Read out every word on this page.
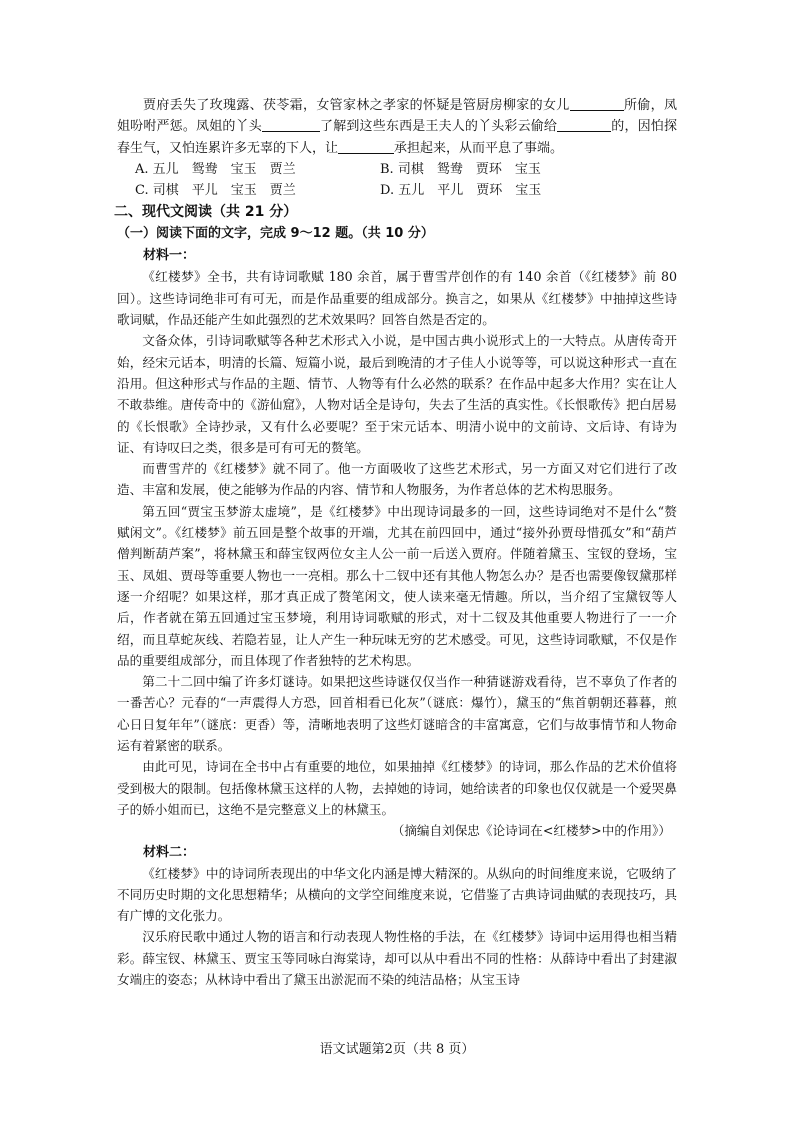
贾府丢失了玫瑰露、茯苓霜，女管家林之孝家的怀疑是管厨房柳家的女儿	所偷，凤姐吩咐严惩。凤姐的丫头	了解到这些东西是王夫人的丫头彩云偷给	的，因怕探春生气，又怕连累许多无辜的下人，让	承担起来，从而平息了事端。

A. 五儿　鸳鸯　宝玉　贾兰	B. 司棋　鸳鸯　贾环　宝玉
C. 司棋　平儿　宝玉　贾兰	D. 五儿　平儿　贾环　宝玉
二、现代文阅读（共 21 分）
（一）阅读下面的文字，完成 9～12 题。（共 10 分）
材料一：

《红楼梦》全书，共有诗词歌赋 180 余首，属于曹雪芹创作的有 140 余首（《红楼梦》前 80 回）。这些诗词绝非可有可无，而是作品重要的组成部分。换言之，如果从《红楼梦》中抽掉这些诗歌词赋，作品还能产生如此强烈的艺术效果吗？回答自然是否定的。

文备众体，引诗词歌赋等各种艺术形式入小说，是中国古典小说形式上的一大特点。从唐传奇开始，经宋元话本，明清的长篇、短篇小说，最后到晚清的才子佳人小说等等，可以说这种形式一直在沿用。但这种形式与作品的主题、情节、人物等有什么必然的联系？在作品中起多大作用？实在让人不敢恭维。唐传奇中的《游仙窟》，人物对话全是诗句，失去了生活的真实性。《长恨歌传》把白居易的《长恨歌》全诗抄录，又有什么必要呢？至于宋元话本、明清小说中的文前诗、文后诗、有诗为证、有诗叹曰之类，很多是可有可无的赘笔。

而曹雪芹的《红楼梦》就不同了。他一方面吸收了这些艺术形式，另一方面又对它们进行了改造、丰富和发展，使之能够为作品的内容、情节和人物服务，为作者总体的艺术构思服务。

第五回“贾宝玉梦游太虚境”，是《红楼梦》中出现诗词最多的一回，这些诗词绝对不是什么“赘赋闲文”。《红楼梦》前五回是整个故事的开端，尤其在前四回中，通过“接外孙贾母惜孤女”和“葫芦僧判断葫芦案”，将林黛玉和薛宝钗两位女主人公一前一后送入贾府。伴随着黛玉、宝钗的登场，宝玉、凤姐、贾母等重要人物也一一亮相。那么十二钗中还有其他人物怎么办？是否也需要像钗黛那样逐一介绍呢？如果这样，那才真正成了赘笔闲文，使人读来毫无情趣。所以，当介绍了宝黛钗等人后，作者就在第五回通过宝玉梦境，利用诗词歌赋的形式，对十二钗及其他重要人物进行了一一介绍，而且草蛇灰线、若隐若显，让人产生一种玩味无穷的艺术感受。可见，这些诗词歌赋，不仅是作品的重要组成部分，而且体现了作者独特的艺术构思。

第二十二回中编了许多灯谜诗。如果把这些诗谜仅仅当作一种猜谜游戏看待，岂不辜负了作者的一番苦心？元春的“一声震得人方恐，回首相看已化灰”（谜底：爆竹），黛玉的“焦首朝朝还暮暮，煎心日日复年年”（谜底：更香）等，清晰地表明了这些灯谜暗含的丰富寓意，它们与故事情节和人物命运有着紧密的联系。

由此可见，诗词在全书中占有重要的地位，如果抽掉《红楼梦》的诗词，那么作品的艺术价值将受到极大的限制。包括像林黛玉这样的人物，去掉她的诗词，她给读者的印象也仅仅就是一个爱哭鼻子的娇小姐而已，这绝不是完整意义上的林黛玉。

（摘编自刘保忠《论诗词在<红楼梦>中的作用》）
材料二：

《红楼梦》中的诗词所表现出的中华文化内涵是博大精深的。从纵向的时间维度来说，它吸纳了不同历史时期的文化思想精华；从横向的文学空间维度来说，它借鉴了古典诗词曲赋的表现技巧，具有广博的文化张力。

汉乐府民歌中通过人物的语言和行动表现人物性格的手法，在《红楼梦》诗词中运用得也相当精彩。薛宝钗、林黛玉、贾宝玉等同咏白海棠诗，却可以从中看出不同的性格：从薛诗中看出了封建淑女端庄的姿态；从林诗中看出了黛玉出淤泥而不染的纯洁品格；从宝玉诗

语文试题第2页（共 8 页）
